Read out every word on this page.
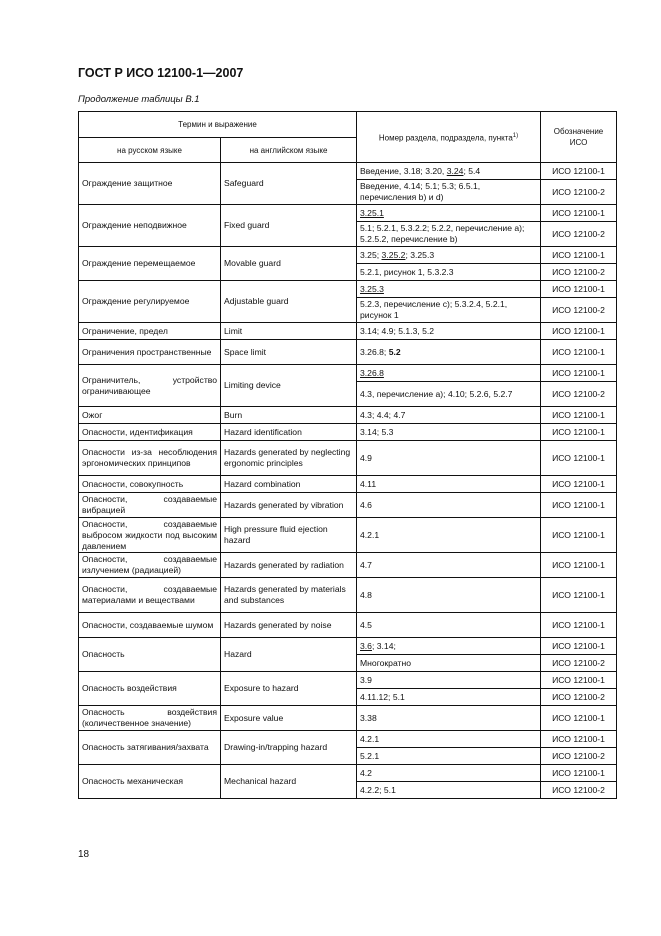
ГОСТ Р ИСО 12100-1—2007
Продолжение таблицы В.1
Термин и выражение		Номер раздела, подраздела, пункта$^{1)}$	Обозначение ИСО
на русском языке	на английском языке		
Ограждение защитное	Safeguard	Введение, 3.18; 3.20, 3.24; 5.4	ИСО 12100-1
		Введение, 4.14; 5.1; 5.3; 6.5.1, перечисления b) и d)	ИСО 12100-2
Ограждение неподвижное	Fixed guard	3.25.1	ИСО 12100-1
		5.1; 5.2.1, 5.3.2.2; 5.2.2, перечисление а); 5.2.5.2, перечисление b)	ИСО 12100-2
Ограждение перемещаемое	Movable guard	3.25; 3.25.2; 3.25.3	ИСО 12100-1
		5.2.1, рисунок 1, 5.3.2.3	ИСО 12100-2
Ограждение регулируемое	Adjustable guard	3.25.3	ИСО 12100-1
		5.2.3, перечисление с); 5.3.2.4, 5.2.1, рисунок 1	ИСО 12100-2
Ограничение, предел	Limit	3.14; 4.9; 5.1.3, 5.2	ИСО 12100-1
Ограничения пространственные	Space limit	3.26.8; 5.2	ИСО 12100-1
Ограничитель, устройство ограничивающее	Limiting device	3.26.8	ИСО 12100-1
		4.3, перечисление а); 4.10; 5.2.6, 5.2.7	ИСО 12100-2
Ожог	Burn	4.3; 4.4; 4.7	ИСО 12100-1
Опасности, идентификация	Hazard identification	3.14; 5.3	ИСО 12100-1
Опасности из-за несоблюдения эргономических принципов	Hazards generated by neglecting ergonomic principles	4.9	ИСО 12100-1
Опасности, совокупность	Hazard combination	4.11	ИСО 12100-1
Опасности, создаваемые вибрацией	Hazards generated by vibration	4.6	ИСО 12100-1
Опасности, создаваемые выбросом жидкости под высоким давлением	High pressure fluid ejection hazard	4.2.1	ИСО 12100-1
Опасности, создаваемые излучением (радиацией)	Hazards generated by radiation	4.7	ИСО 12100-1
Опасности, создаваемые материалами и веществами	Hazards generated by materials and substances	4.8	ИСО 12100-1
Опасности, создаваемые шумом	Hazards generated by noise	4.5	ИСО 12100-1
Опасность	Hazard	3.6; 3.14;	ИСО 12100-1
		Многократно	ИСО 12100-2
Опасность воздействия	Exposure to hazard	3.9	ИСО 12100-1
		4.11.12; 5.1	ИСО 12100-2
Опасность воздействия (количественное значение)	Exposure value	3.38	ИСО 12100-1
Опасность затягивания/захвата	Drawing-in/trapping hazard	4.2.1	ИСО 12100-1
		5.2.1	ИСО 12100-2
Опасность механическая	Mechanical hazard	4.2	ИСО 12100-1
		4.2.2; 5.1	ИСО 12100-2
18
